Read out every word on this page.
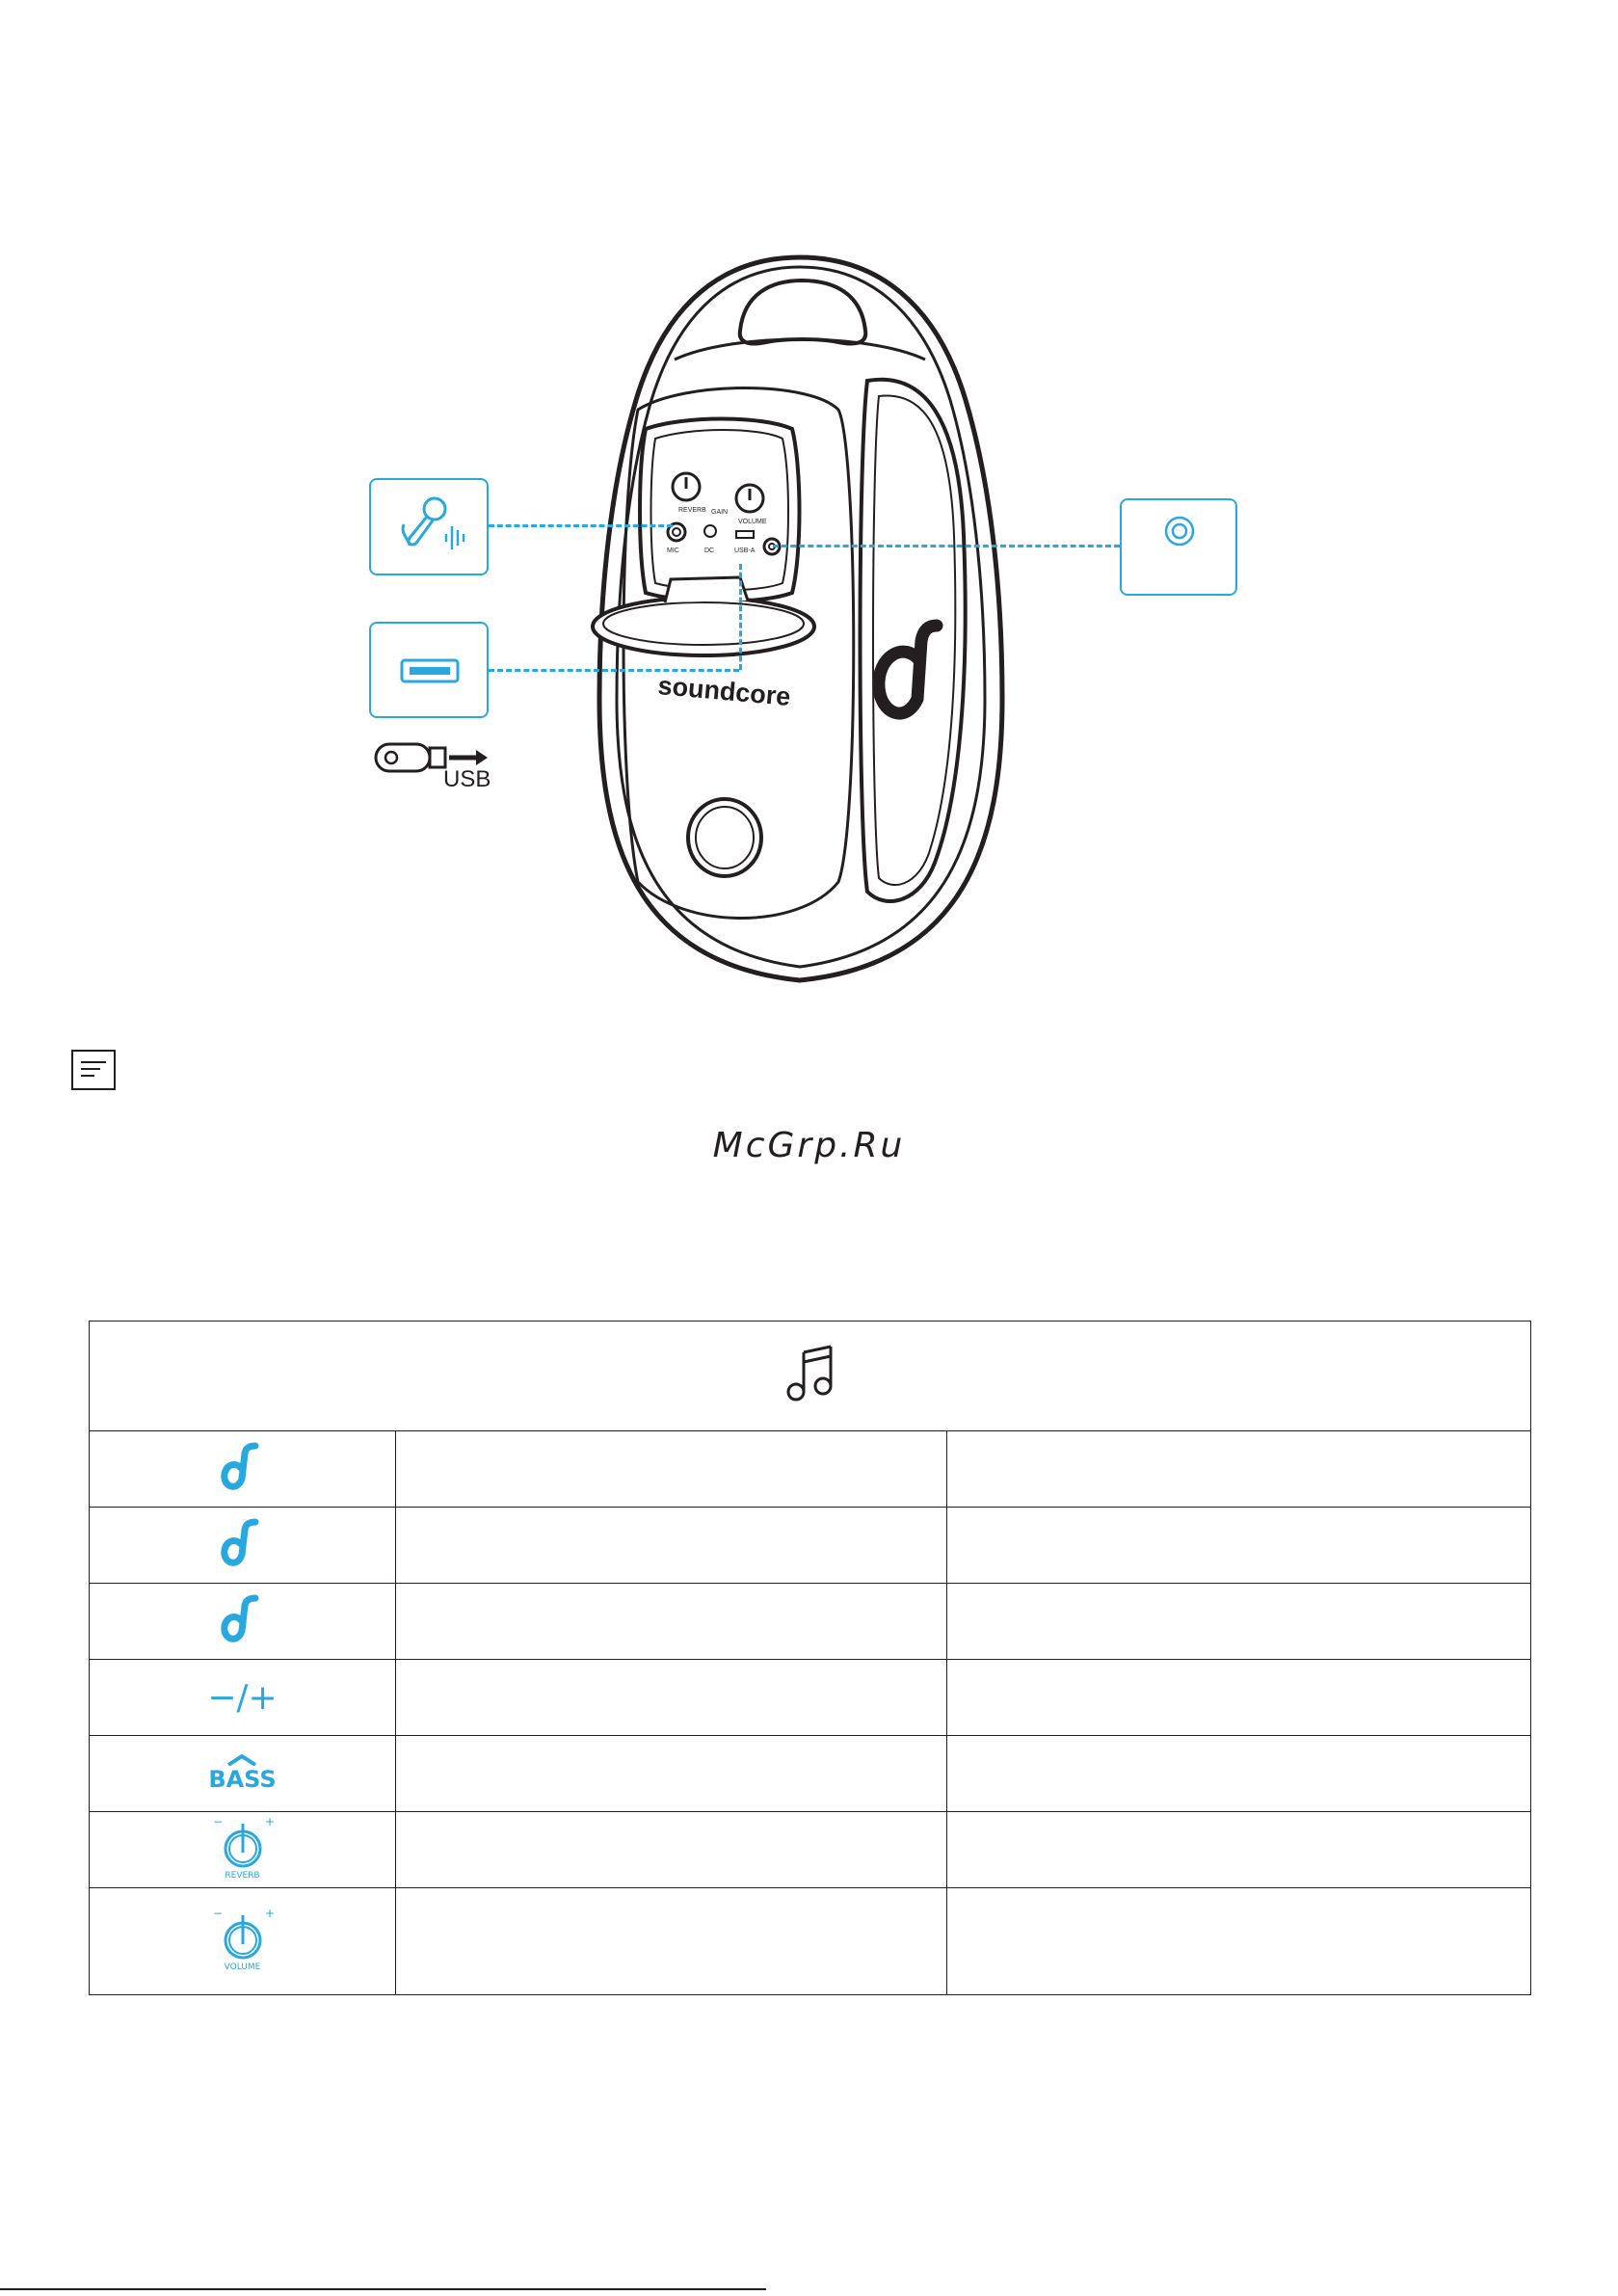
REVERB GAIN
VOLUME
MIC	DC	USB-A
soundcore
USB
McGrp.Ru

−/+	

BASS	

− +
REVERB		

− +
VOLUME		
